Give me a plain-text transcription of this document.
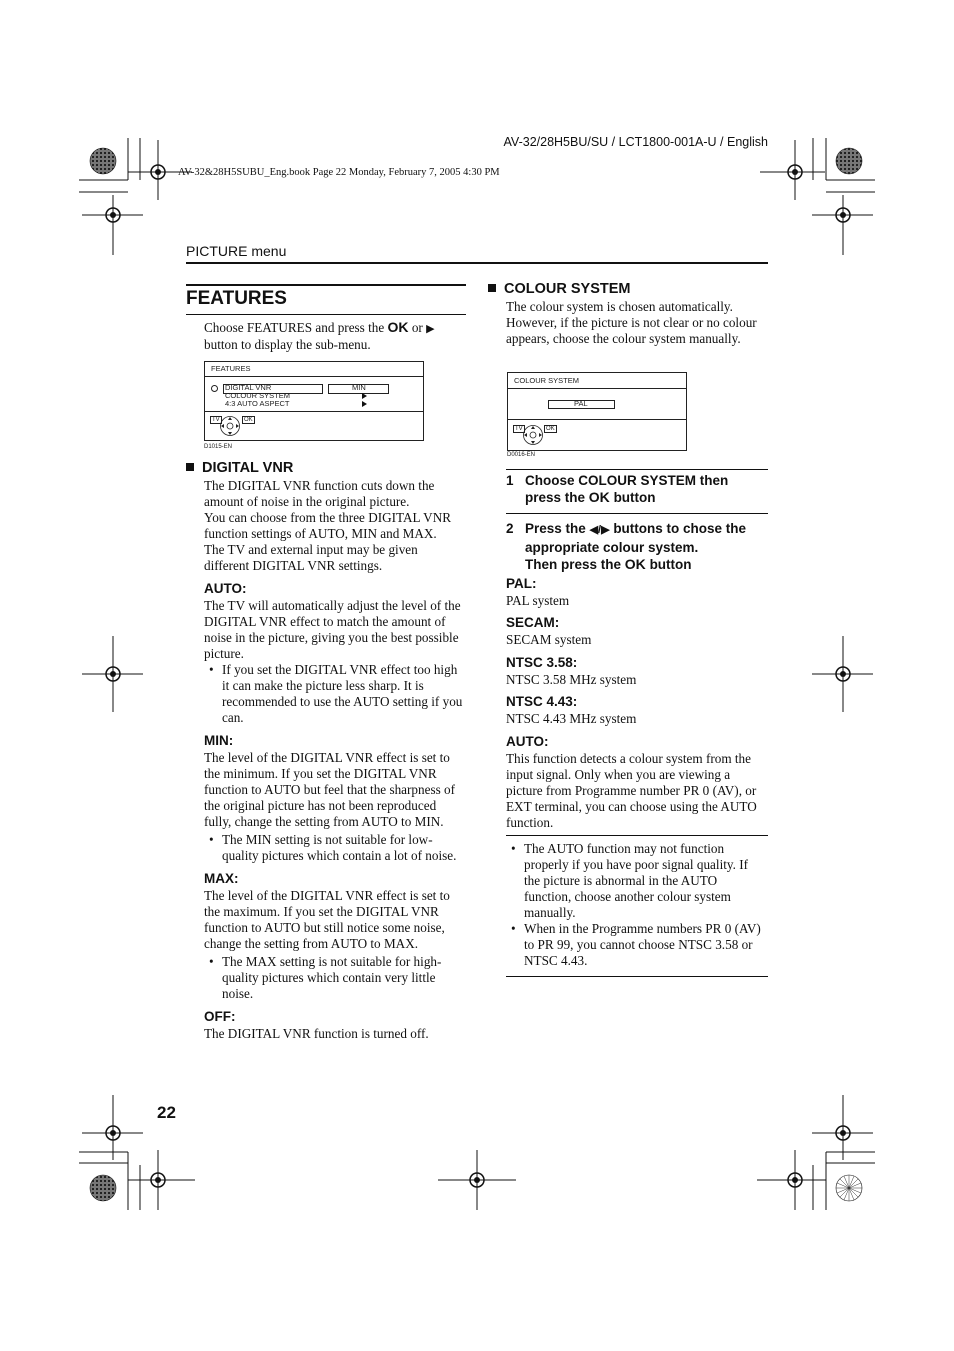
AV-32/28H5BU/SU / LCT1800-001A-U / English
AV-32&28H5SUBU_Eng.book Page 22 Monday, February 7, 2005 4:30 PM
PICTURE menu
FEATURES
Choose FEATURES and press the OK or ▶ button to display the sub-menu.
FEATURES
DIGITAL VNR
COLOUR SYSTEM
4:3 AUTO ASPECT
MIN
TV	OK
D1015-EN
DIGITAL VNR

The DIGITAL VNR function cuts down the amount of noise in the original picture.

You can choose from the three DIGITAL VNR function settings of AUTO, MIN and MAX.

The TV and external input may be given different DIGITAL VNR settings.

AUTO:

The TV will automatically adjust the level of the DIGITAL VNR effect to match the amount of noise in the picture, giving you the best possible picture.

• If you set the DIGITAL VNR effect too high it can make the picture less sharp. It is recommended to use the AUTO setting if you can.

MIN:

The level of the DIGITAL VNR effect is set to the minimum. If you set the DIGITAL VNR function to AUTO but feel that the sharpness of the original picture has not been reproduced fully, change the setting from AUTO to MIN.

• The MIN setting is not suitable for low-quality pictures which contain a lot of noise.

MAX:

The level of the DIGITAL VNR effect is set to the maximum. If you set the DIGITAL VNR function to AUTO but still notice some noise, change the setting from AUTO to MAX.

• The MAX setting is not suitable for high-quality pictures which contain very little noise.

OFF:

The DIGITAL VNR function is turned off.

22
COLOUR SYSTEM

The colour system is chosen automatically. However, if the picture is not clear or no colour appears, choose the colour system manually.

COLOUR SYSTEM
PAL
TV	OK
D0016-EN
1 Choose COLOUR SYSTEM then press the OK button
2 Press the ◀/▶ buttons to chose the appropriate colour system.
Then press the OK button

PAL:

PAL system

SECAM:

SECAM system

NTSC 3.58:

NTSC 3.58 MHz system

NTSC 4.43:

NTSC 4.43 MHz system

AUTO:

This function detects a colour system from the input signal. Only when you are viewing a picture from Programme number PR 0 (AV), or EXT terminal, you can choose using the AUTO function.

• The AUTO function may not function properly if you have poor signal quality. If the picture is abnormal in the AUTO function, choose another colour system manually.

• When in the Programme numbers PR 0 (AV) to PR 99, you cannot choose NTSC 3.58 or NTSC 4.43.
